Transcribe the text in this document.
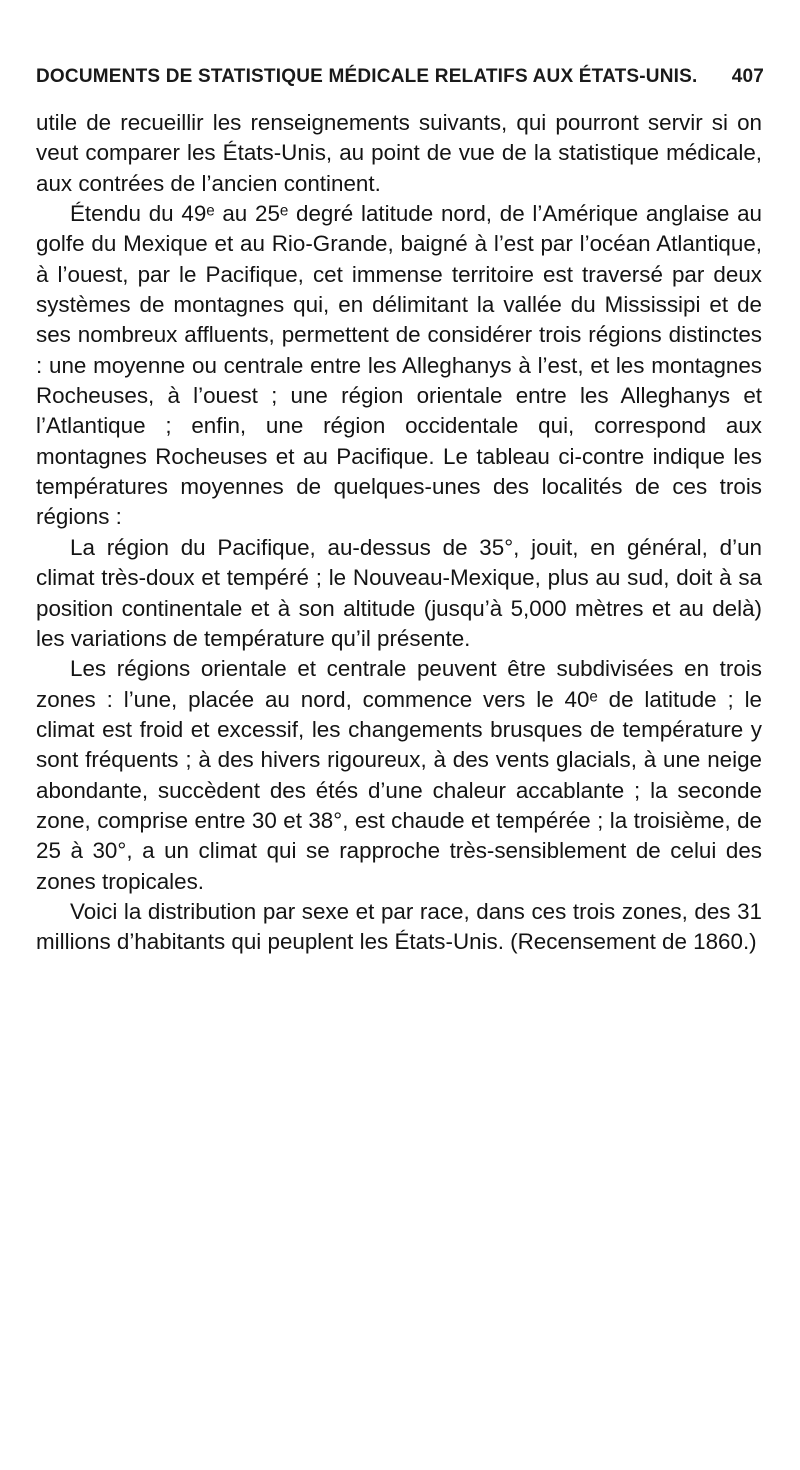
DOCUMENTS DE STATISTIQUE MÉDICALE RELATIFS AUX ÉTATS-UNIS. 407

utile de recueillir les renseignements suivants, qui pourront servir si on veut comparer les États-Unis, au point de vue de la statistique médicale, aux contrées de l’ancien continent.

Étendu du 49ᵉ au 25ᵉ degré latitude nord, de l’Amérique anglaise au golfe du Mexique et au Rio-Grande, baigné à l’est par l’océan Atlantique, à l’ouest, par le Pacifique, cet immense territoire est traversé par deux systèmes de montagnes qui, en délimitant la vallée du Mississipi et de ses nombreux affluents, permettent de considérer trois régions distinctes : une moyenne ou centrale entre les Alleghanys à l’est, et les montagnes Rocheuses, à l’ouest ; une région orientale entre les Alleghanys et l’Atlantique ; enfin, une région occidentale qui, correspond aux montagnes Rocheuses et au Pacifique. Le tableau ci-contre indique les températures moyennes de quelques-unes des localités de ces trois régions :

La région du Pacifique, au-dessus de 35°, jouit, en général, d’un climat très-doux et tempéré ; le Nouveau-Mexique, plus au sud, doit à sa position continentale et à son altitude (jusqu’à 5,000 mètres et au delà) les variations de température qu’il présente.

Les régions orientale et centrale peuvent être subdivisées en trois zones : l’une, placée au nord, commence vers le 40ᵉ de latitude ; le climat est froid et excessif, les changements brusques de température y sont fréquents ; à des hivers rigoureux, à des vents glacials, à une neige abondante, succèdent des étés d’une chaleur accablante ; la seconde zone, comprise entre 30 et 38°, est chaude et tempérée ; la troisième, de 25 à 30°, a un climat qui se rapproche très-sensiblement de celui des zones tropicales.

Voici la distribution par sexe et par race, dans ces trois zones, des 31 millions d’habitants qui peuplent les États-Unis. (Recensement de 1860.)
